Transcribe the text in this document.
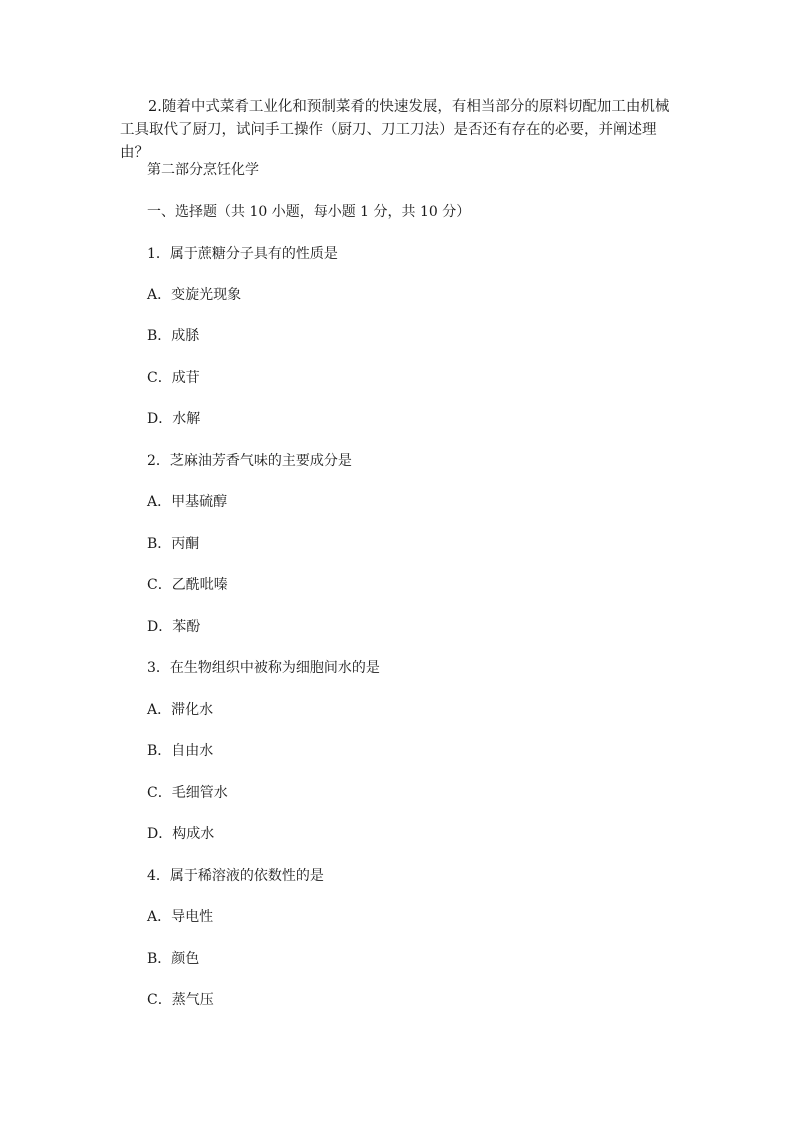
2.随着中式菜肴工业化和预制菜肴的快速发展，有相当部分的原料切配加工由机械工具取代了厨刀，试问手工操作（厨刀、刀工刀法）是否还有存在的必要，并阐述理由？

第二部分烹饪化学

一、选择题（共 10 小题，每小题 1 分，共 10 分）

1．属于蔗糖分子具有的性质是

A．变旋光现象

B．成脎

C．成苷

D．水解

2．芝麻油芳香气味的主要成分是

A．甲基硫醇

B．丙酮

C．乙酰吡嗪

D．苯酚

3．在生物组织中被称为细胞间水的是

A．滞化水

B．自由水

C．毛细管水

D．构成水

4．属于稀溶液的依数性的是

A．导电性

B．颜色

C．蒸气压
